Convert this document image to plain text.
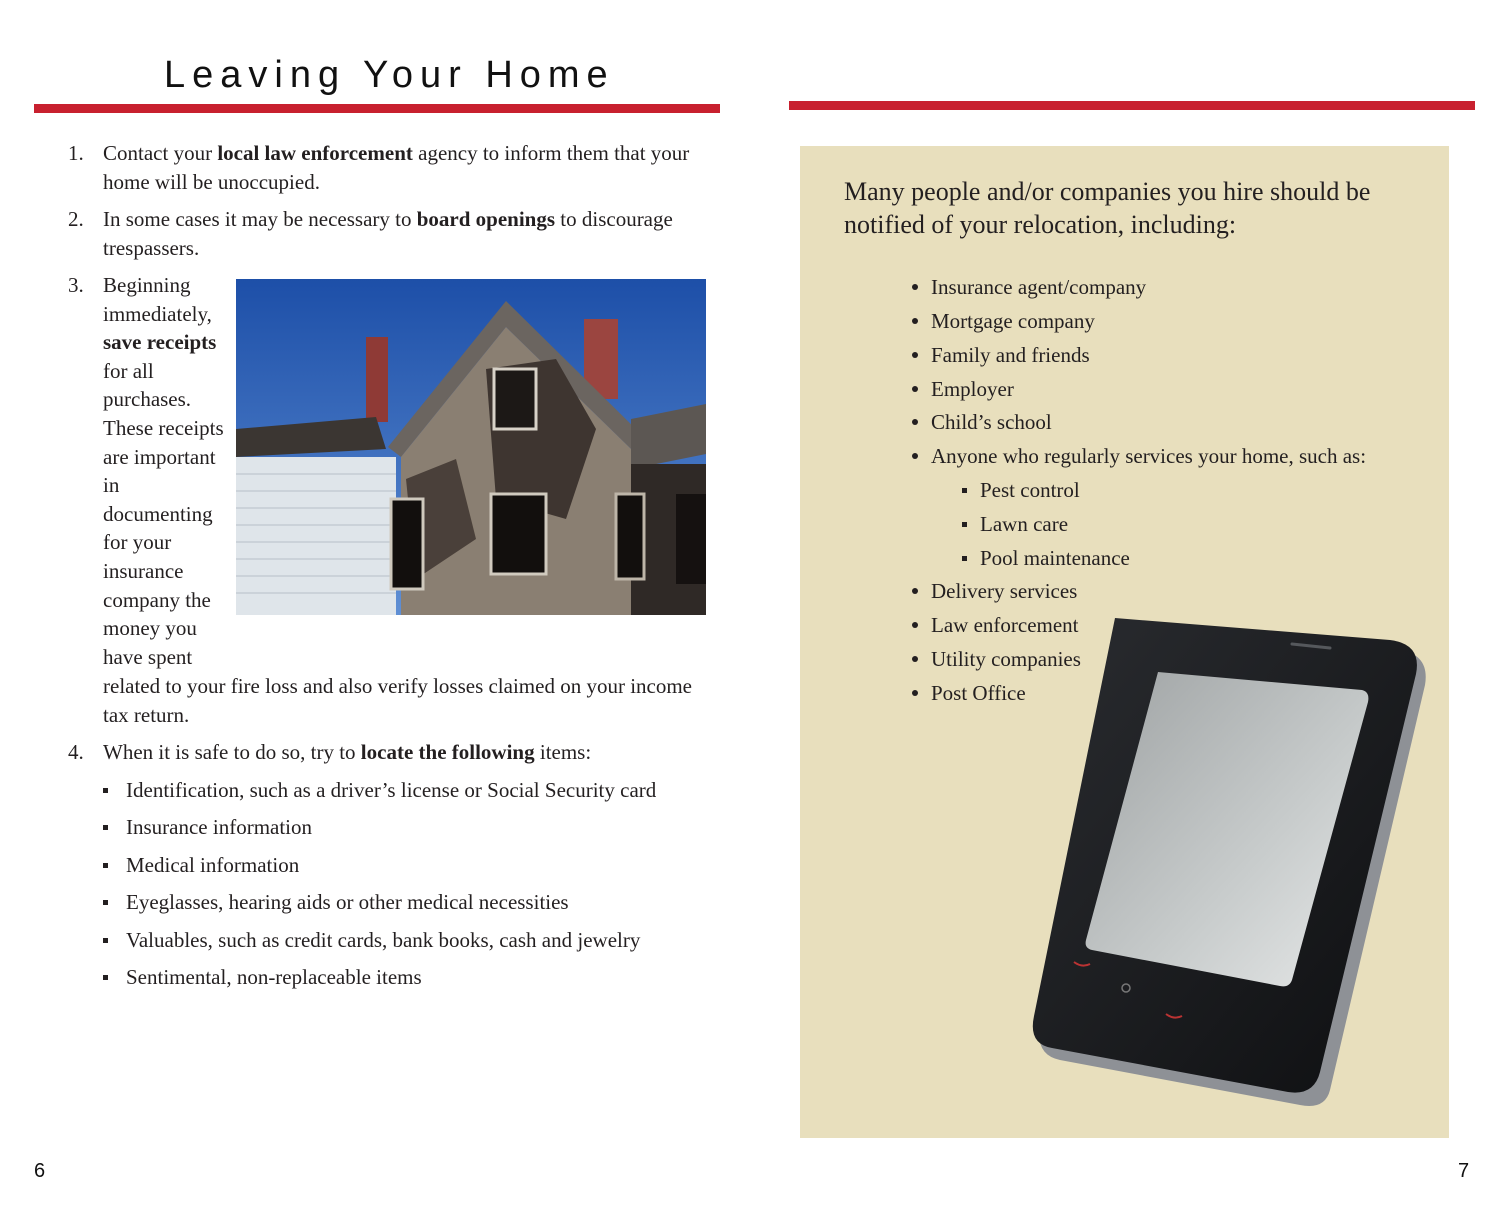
Leaving Your Home
1. Contact your local law enforcement agency to inform them that your home will be unoccupied.
2. In some cases it may be necessary to board openings to discourage trespassers.
3. Beginning immediately, save receipts for all purchases. These receipts are important in documenting for your insurance company the money you have spent
related to your fire loss and also verify losses claimed on your income tax return.
4. When it is safe to do so, try to locate the following items:
Identification, such as a driver’s license or Social Security card
Insurance information
Medical information
Eyeglasses, hearing aids or other medical necessities
Valuables, such as credit cards, bank books, cash and jewelry
Sentimental, non-replaceable items
6
Many people and/or companies you hire should be notified of your relocation, including:
Insurance agent/company
Mortgage company
Family and friends
Employer
Child’s school
Anyone who regularly services your home, such as:
Pest control
Lawn care
Pool maintenance
Delivery services
Law enforcement
Utility companies
Post Office
7
